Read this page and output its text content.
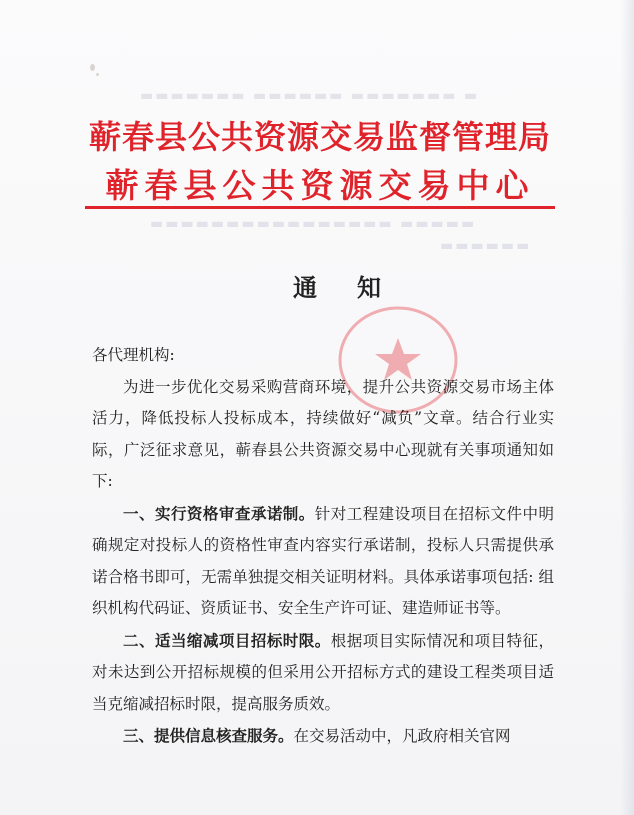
▬▬▬▬▬▬▬ ▬▬▬▬▬▬ ▬▬▬▬▬▬▬ ▬
▬▬▬▬▬▬▬▬▬▬▬▬▬▬▬▬ ▬▬▬▬▬
▬▬▬▬▬▬
蕲春县公共资源交易监督管理局
蕲春县公共资源交易中心
通知

各代理机构:

为进一步优化交易采购营商环境，提升公共资源交易市场主体活力，降低投标人投标成本，持续做好“减负”文章。结合行业实际，广泛征求意见，蕲春县公共资源交易中心现就有关事项通知如下:

一、实行资格审查承诺制。针对工程建设项目在招标文件中明确规定对投标人的资格性审查内容实行承诺制，投标人只需提供承诺合格书即可，无需单独提交相关证明材料。具体承诺事项包括: 组织机构代码证、资质证书、安全生产许可证、建造师证书等。

二、适当缩减项目招标时限。根据项目实际情况和项目特征，对未达到公开招标规模的但采用公开招标方式的建设工程类项目适当克缩减招标时限，提高服务质效。

三、提供信息核查服务。在交易活动中，凡政府相关官网
